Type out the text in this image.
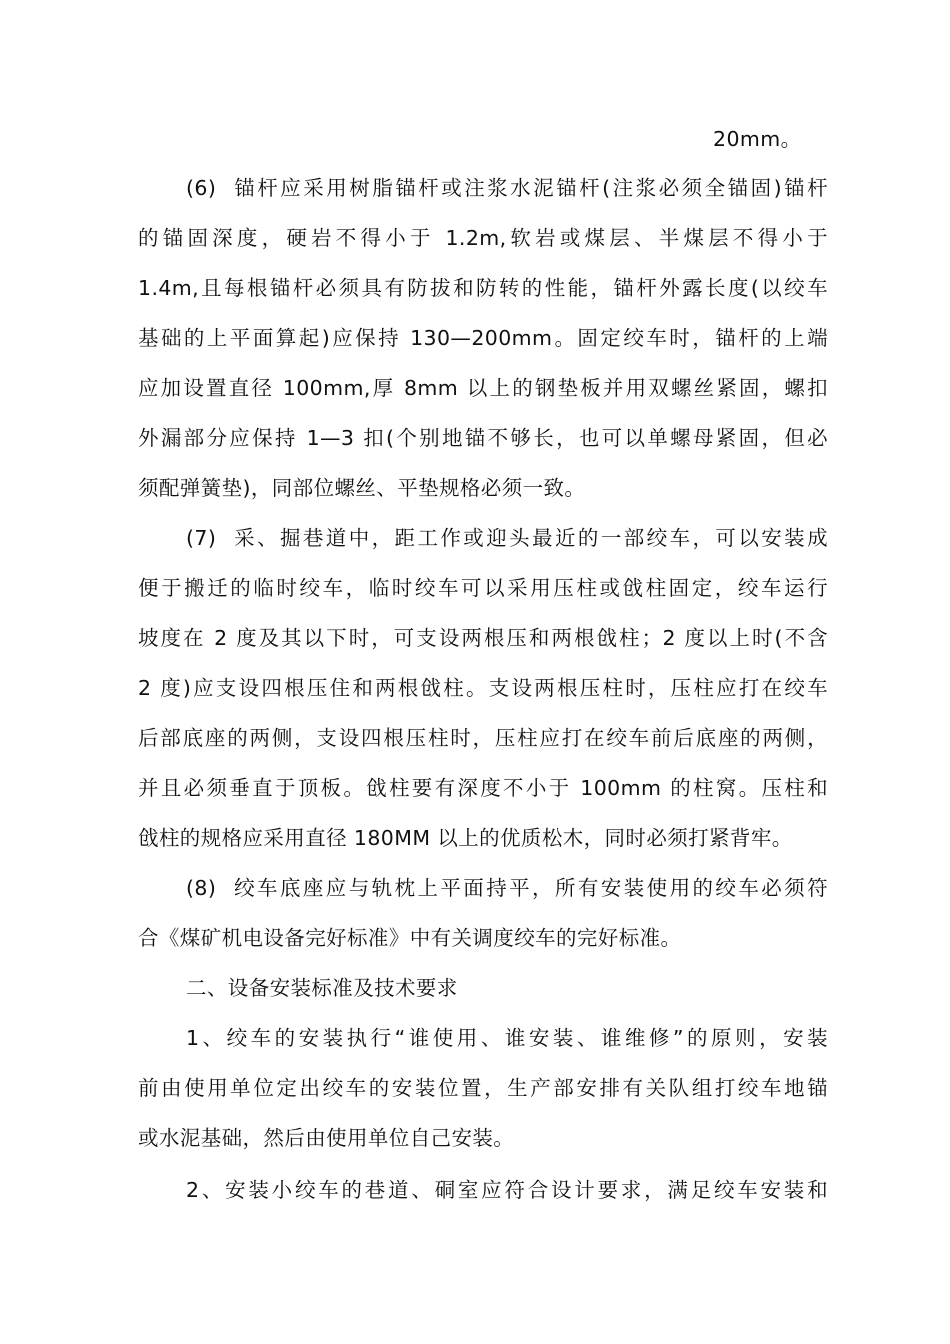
20mm。
(6)  锚杆应采用树脂锚杆或注浆水泥锚杆(注浆必须全锚固)锚杆
的锚固深度，硬岩不得小于 1.2m,软岩或煤层、半煤层不得小于
1.4m,且每根锚杆必须具有防拔和防转的性能，锚杆外露长度(以绞车
基础的上平面算起)应保持 130—200mm。固定绞车时，锚杆的上端
应加设置直径 100mm,厚 8mm 以上的钢垫板并用双螺丝紧固，螺扣
外漏部分应保持 1—3 扣(个别地锚不够长，也可以单螺母紧固，但必
须配弹簧垫)，同部位螺丝、平垫规格必须一致。
(7)  采、掘巷道中，距工作或迎头最近的一部绞车，可以安装成
便于搬迁的临时绞车，临时绞车可以采用压柱或戗柱固定，绞车运行
坡度在 2 度及其以下时，可支设两根压和两根戗柱；2 度以上时(不含
2 度)应支设四根压住和两根戗柱。支设两根压柱时，压柱应打在绞车
后部底座的两侧，支设四根压柱时，压柱应打在绞车前后底座的两侧，
并且必须垂直于顶板。戗柱要有深度不小于 100mm 的柱窝。压柱和
戗柱的规格应采用直径 180MM 以上的优质松木，同时必须打紧背牢。
(8)  绞车底座应与轨枕上平面持平，所有安装使用的绞车必须符
合《煤矿机电设备完好标准》中有关调度绞车的完好标准。
二、设备安装标准及技术要求
1、绞车的安装执行“谁使用、谁安装、谁维修”的原则，安装
前由使用单位定出绞车的安装位置，生产部安排有关队组打绞车地锚
或水泥基础，然后由使用单位自己安装。
2、安装小绞车的巷道、硐室应符合设计要求，满足绞车安装和
